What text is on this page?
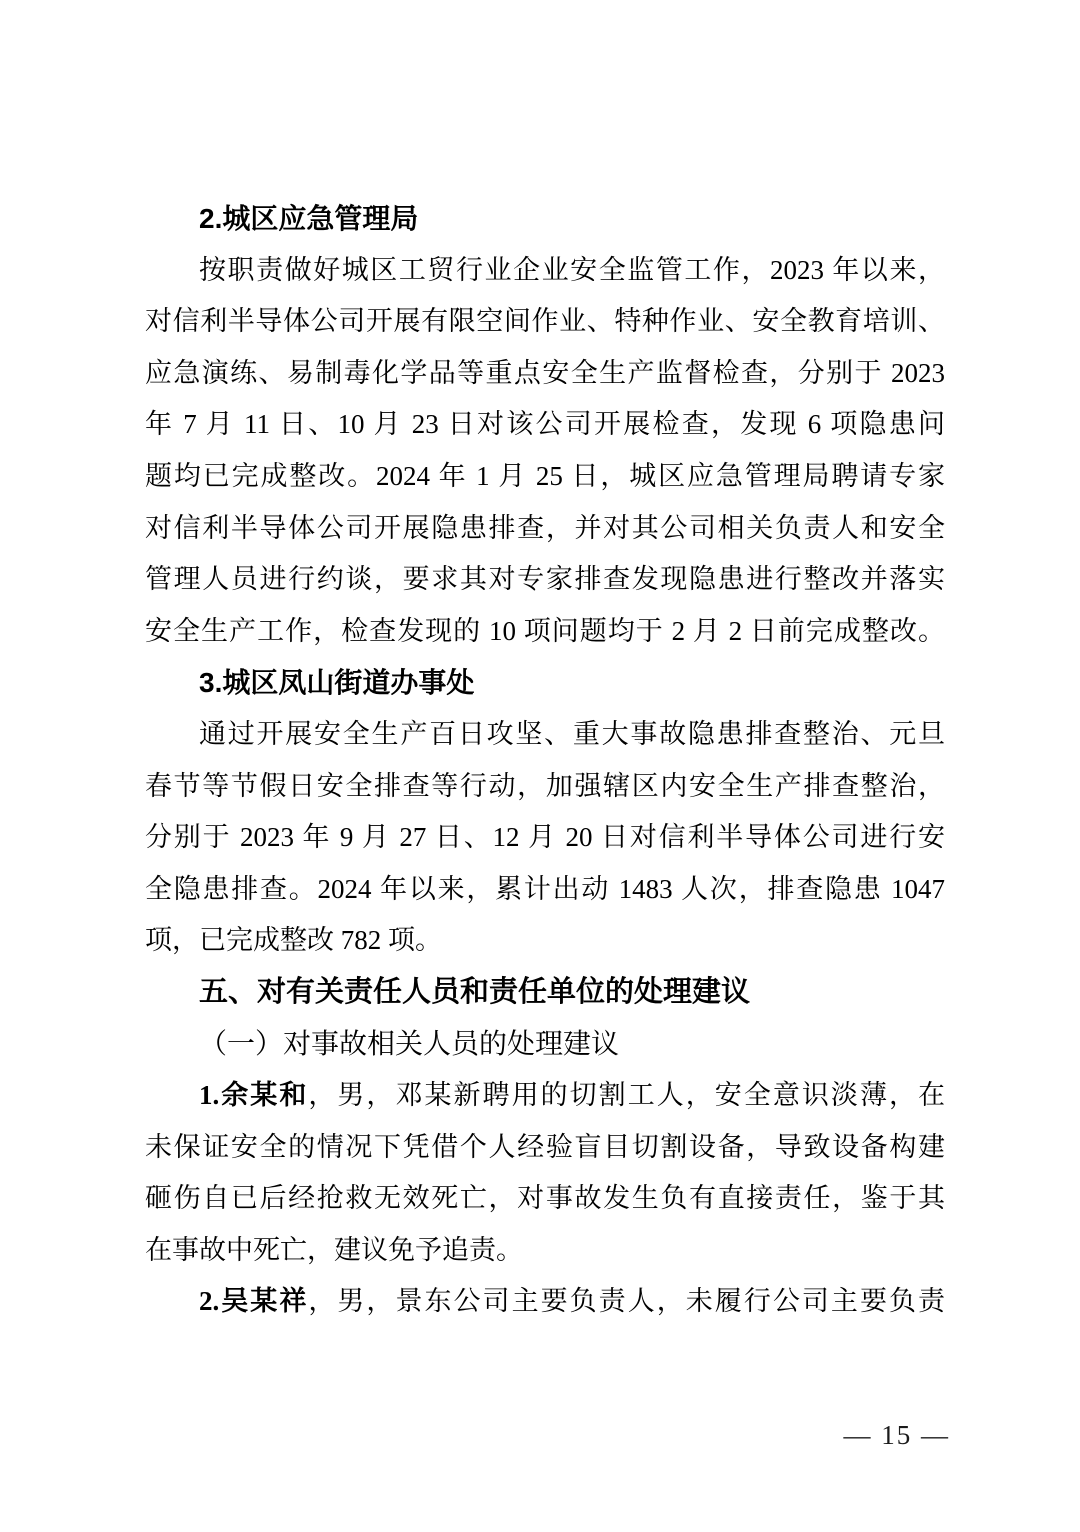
2.城区应急管理局
按职责做好城区工贸行业企业安全监管工作，2023 年以来，
对信利半导体公司开展有限空间作业、特种作业、安全教育培训、
应急演练、易制毒化学品等重点安全生产监督检查，分别于 2023
年 7 月 11 日、10 月 23 日对该公司开展检查，发现 6 项隐患问
题均已完成整改。2024 年 1 月 25 日，城区应急管理局聘请专家
对信利半导体公司开展隐患排查，并对其公司相关负责人和安全
管理人员进行约谈，要求其对专家排查发现隐患进行整改并落实
安全生产工作，检查发现的 10 项问题均于 2 月 2 日前完成整改。
3.城区凤山街道办事处
通过开展安全生产百日攻坚、重大事故隐患排查整治、元旦
春节等节假日安全排查等行动，加强辖区内安全生产排查整治，
分别于 2023 年 9 月 27 日、12 月 20 日对信利半导体公司进行安
全隐患排查。2024 年以来，累计出动 1483 人次，排查隐患 1047
项，已完成整改 782 项。
五、对有关责任人员和责任单位的处理建议
（一）对事故相关人员的处理建议
1.余某和，男，邓某新聘用的切割工人，安全意识淡薄，在
未保证安全的情况下凭借个人经验盲目切割设备，导致设备构建
砸伤自已后经抢救无效死亡，对事故发生负有直接责任，鉴于其
在事故中死亡，建议免予追责。
2.吴某祥，男，景东公司主要负责人，未履行公司主要负责
— 15 —
